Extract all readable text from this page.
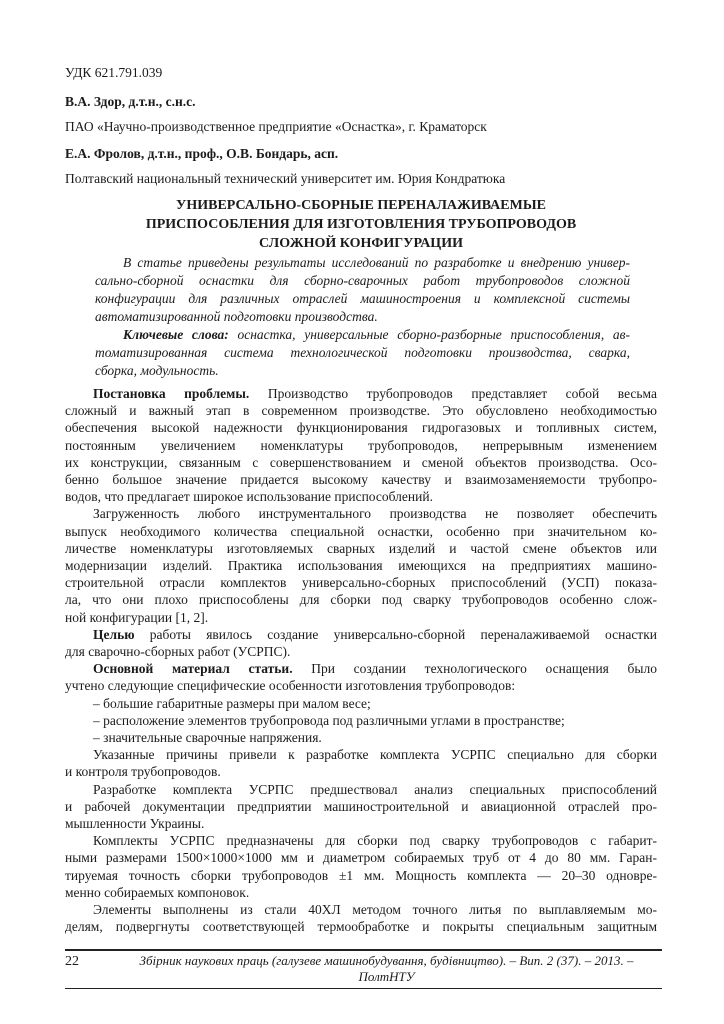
УДК 621.791.039
В.А. Здор, д.т.н., с.н.с.
ПАО «Научно-производственное предприятие «Оснастка», г. Краматорск
Е.А. Фролов, д.т.н., проф., О.В. Бондарь, асп.
Полтавский национальный технический университет им. Юрия Кондратюка
УНИВЕРСАЛЬНО-СБОРНЫЕ ПЕРЕНАЛАЖИВАЕМЫЕ
ПРИСПОСОБЛЕНИЯ ДЛЯ ИЗГОТОВЛЕНИЯ ТРУБОПРОВОДОВ
СЛОЖНОЙ КОНФИГУРАЦИИ
В статье приведены результаты исследований по разработке и внедрению универ-
сально-сборной оснастки для сборно-сварочных работ трубопроводов сложной
конфигурации для различных отраслей машиностроения и комплексной системы
автоматизированной подготовки производства.
Ключевые слова: оснастка, универсальные сборно-разборные приспособления, ав-
томатизированная система технологической подготовки производства, сварка,
сборка, модульность.
Постановка проблемы. Производство трубопроводов представляет собой весьма
сложный и важный этап в современном производстве. Это обусловлено необходимостью
обеспечения высокой надежности функционирования гидрогазовых и топливных систем,
постоянным увеличением номенклатуры трубопроводов, непрерывным изменением
их конструкции, связанным с совершенствованием и сменой объектов производства. Осо-
бенно большое значение придается высокому качеству и взаимозаменяемости трубопро-
водов, что предлагает широкое использование приспособлений.
Загруженность любого инструментального производства не позволяет обеспечить
выпуск необходимого количества специальной оснастки, особенно при значительном ко-
личестве номенклатуры изготовляемых сварных изделий и частой смене объектов или
модернизации изделий. Практика использования имеющихся на предприятиях машино-
строительной отрасли комплектов универсально-сборных приспособлений (УСП) показа-
ла, что они плохо приспособлены для сборки под сварку трубопроводов особенно слож-
ной конфигурации [1, 2].
Целью работы явилось создание универсально-сборной переналаживаемой оснастки
для сварочно-сборных работ (УСРПС).
Основной материал статьи. При создании технологического оснащения было
учтено следующие специфические особенности изготовления трубопроводов:
– большие габаритные размеры при малом весе;
– расположение элементов трубопровода под различными углами в пространстве;
– значительные сварочные напряжения.
Указанные причины привели к разработке комплекта УСРПС специально для сборки
и контроля трубопроводов.
Разработке комплекта УСРПС предшествовал анализ специальных приспособлений
и рабочей документации предприятии машиностроительной и авиационной отраслей про-
мышленности Украины.
Комплекты УСРПС предназначены для сборки под сварку трубопроводов с габарит-
ными размерами 1500×1000×1000 мм и диаметром собираемых труб от 4 до 80 мм. Гаран-
тируемая точность сборки трубопроводов ±1 мм. Мощность комплекта — 20–30 одновре-
менно собираемых компоновок.
Элементы выполнены из стали 40ХЛ методом точного литья по выплавляемым мо-
делям, подвергнуты соответствующей термообработке и покрыты специальным защитным
22	Збірник наукових праць (галузеве машинобудування, будівництво). – Вип. 2 (37). – 2013. – ПолтНТУ
